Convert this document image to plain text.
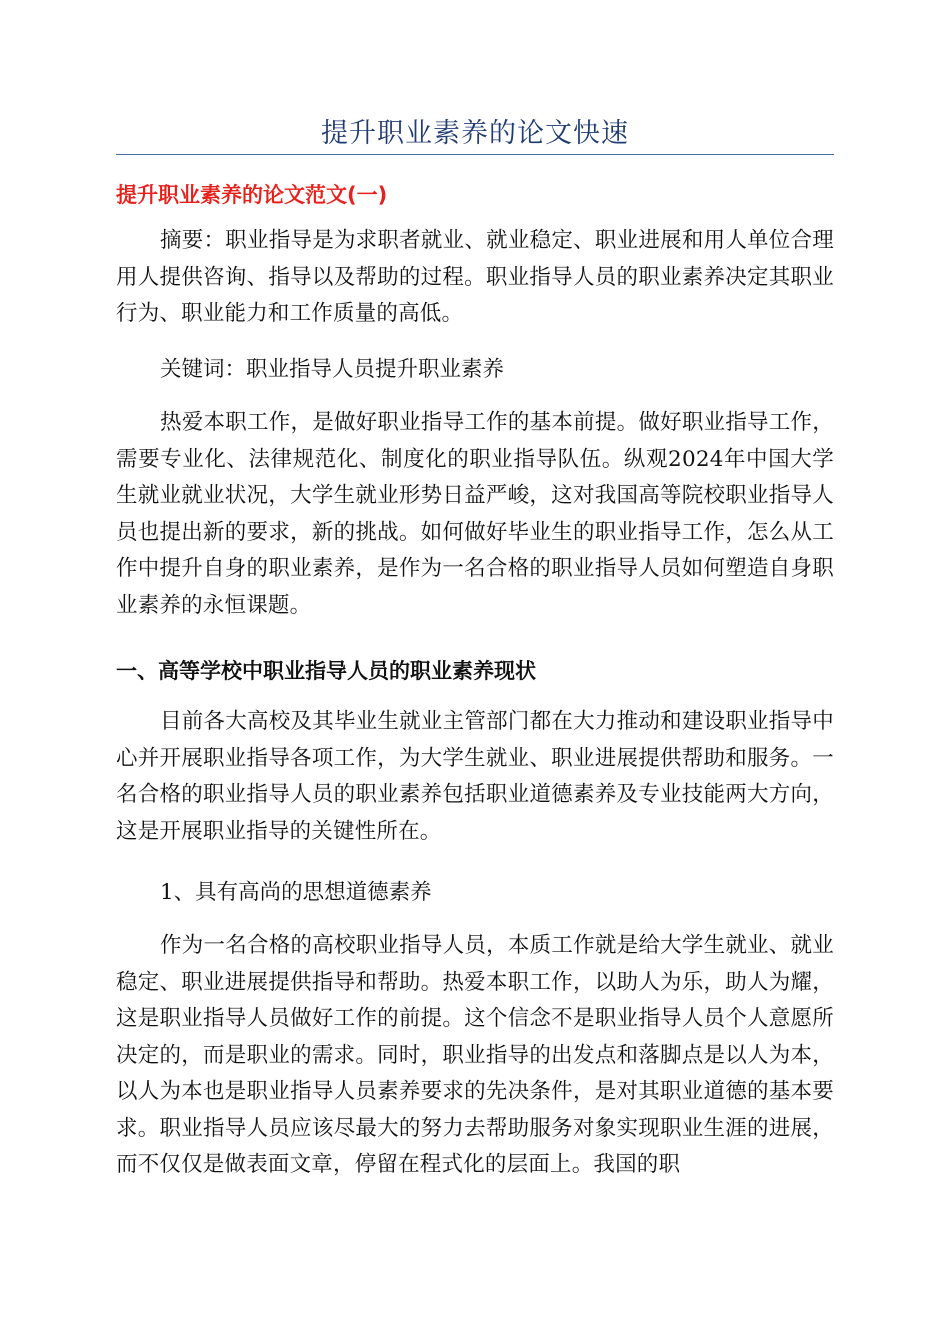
提升职业素养的论文快速
提升职业素养的论文范文(一)
摘要：职业指导是为求职者就业、就业稳定、职业进展和用人单位合理用人提供咨询、指导以及帮助的过程。职业指导人员的职业素养决定其职业行为、职业能力和工作质量的高低。
关键词：职业指导人员提升职业素养
热爱本职工作，是做好职业指导工作的基本前提。做好职业指导工作，需要专业化、法律规范化、制度化的职业指导队伍。纵观2024年中国大学生就业就业状况，大学生就业形势日益严峻，这对我国高等院校职业指导人员也提出新的要求，新的挑战。如何做好毕业生的职业指导工作，怎么从工作中提升自身的职业素养，是作为一名合格的职业指导人员如何塑造自身职业素养的永恒课题。
一、高等学校中职业指导人员的职业素养现状
目前各大高校及其毕业生就业主管部门都在大力推动和建设职业指导中心并开展职业指导各项工作，为大学生就业、职业进展提供帮助和服务。一名合格的职业指导人员的职业素养包括职业道德素养及专业技能两大方向，这是开展职业指导的关键性所在。
1、具有高尚的思想道德素养
作为一名合格的高校职业指导人员，本质工作就是给大学生就业、就业稳定、职业进展提供指导和帮助。热爱本职工作，以助人为乐，助人为耀，这是职业指导人员做好工作的前提。这个信念不是职业指导人员个人意愿所决定的，而是职业的需求。同时，职业指导的出发点和落脚点是以人为本，以人为本也是职业指导人员素养要求的先决条件，是对其职业道德的基本要求。职业指导人员应该尽最大的努力去帮助服务对象实现职业生涯的进展，而不仅仅是做表面文章，停留在程式化的层面上。我国的职
